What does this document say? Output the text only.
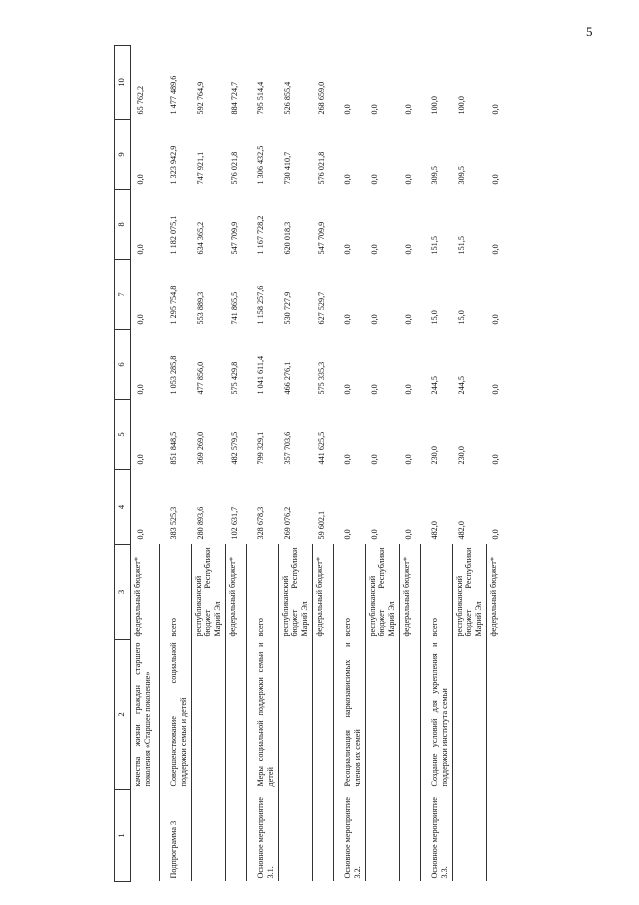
5
1	2	3	4	5	6	7	8	9	10
	качества жизни граждан старшего поколения «Старшее поколение»	федеральный бюджет*	0,0	0,0	0,0	0,0	0,0	0,0	65 762,2
Подпрограмма 3	Совершенствование социальной поддержки семьи и детей	всего	383 525,3	851 848,5	1 053 285,8	1 295 754,8	1 182 075,1	1 323 942,9	1 477 489,6
		республиканский бюджет Республики Марий Эл	280 893,6	369 269,0	477 856,0	553 889,3	634 365,2	747 921,1	592 764,9
		федеральный бюджет*	102 631,7	482 579,5	575 429,8	741 865,5	547 709,9	576 021,8	884 724,7
Основное мероприятие 3.1.	Меры социальной поддержки семьи и детей	всего	328 678,3	799 329,1	1 041 611,4	1 158 257,6	1 167 728,2	1 306 432,5	795 514,4
		республиканский бюджет Республики Марий Эл	269 076,2	357 703,6	466 276,1	530 727,9	620 018,3	730 410,7	526 855,4
		федеральный бюджет*	59 602,1	441 625,5	575 335,3	627 529,7	547 709,9	576 021,8	268 659,0
Основное мероприятие 3.2.	Ресоциализация наркозависимых и членов их семей	всего	0,0	0,0	0,0	0,0	0,0	0,0	0,0
		республиканский бюджет Республики Марий Эл	0,0	0,0	0,0	0,0	0,0	0,0	0,0
		федеральный бюджет*	0,0	0,0	0,0	0,0	0,0	0,0	0,0
Основное мероприятие 3.3.	Создание условий для укрепления и поддержки института семьи	всего	482,0	230,0	244,5	15,0	151,5	309,5	100,0
		республиканский бюджет Республики Марий Эл	482,0	230,0	244,5	15,0	151,5	309,5	100,0
		федеральный бюджет*	0,0	0,0	0,0	0,0	0,0	0,0	0,0
